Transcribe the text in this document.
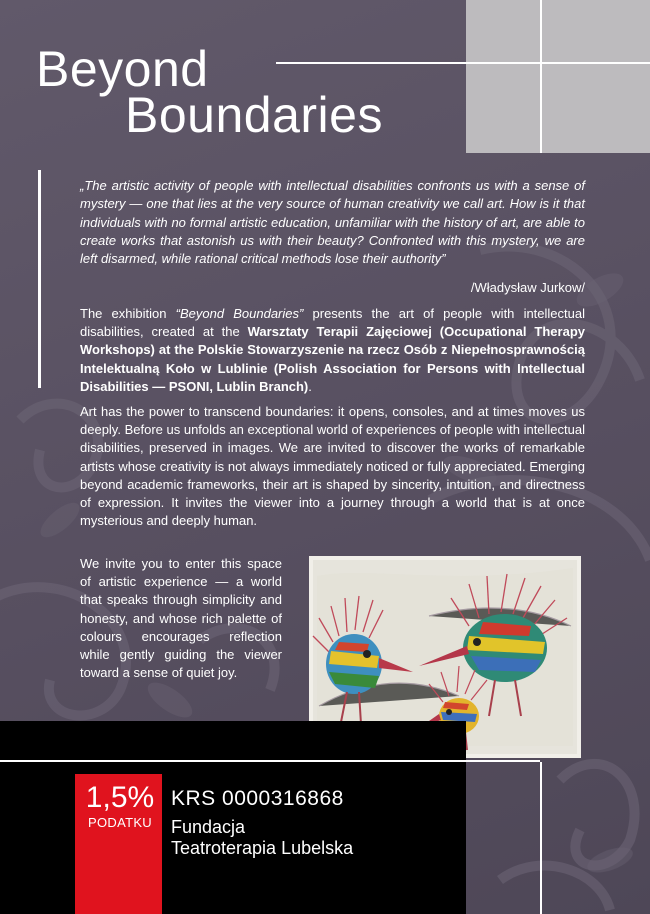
Beyond
Boundaries

„The artistic activity of people with intellectual disabilities confronts us with a sense of mystery — one that lies at the very source of human creativity we call art. How is it that individuals with no formal artistic education, unfamiliar with the history of art, are able to create works that astonish us with their beauty? Confronted with this mystery, we are left disarmed, while rational critical methods lose their authority”

/Władysław Jurkow/

The exhibition “Beyond Boundaries” presents the art of people with intellectual disabilities, created at the Warsztaty Terapii Zajęciowej (Occupational Therapy Workshops) at the Polskie Stowarzyszenie na rzecz Osób z Niepełnosprawnością Intelektualną Koło w Lublinie (Polish Association for Persons with Intellectual Disabilities — PSONI, Lublin Branch).

Art has the power to transcend boundaries: it opens, consoles, and at times moves us deeply. Before us unfolds an exceptional world of experiences of people with intellectual disabilities, preserved in images. We are invited to discover the works of remarkable artists whose creativity is not always immediately noticed or fully appreciated. Emerging beyond academic frameworks, their art is shaped by sincerity, intuition, and directness of expression. It invites the viewer into a journey through a world that is at once mysterious and deeply human.

We invite you to enter this space of artistic experience — a world that speaks through simplicity and honesty, and whose rich palette of colours encourages reflection while gently guiding the viewer toward a sense of quiet joy.

1,5%
PODATKU
KRS 0000316868
Fundacja
Teatroterapia Lubelska
